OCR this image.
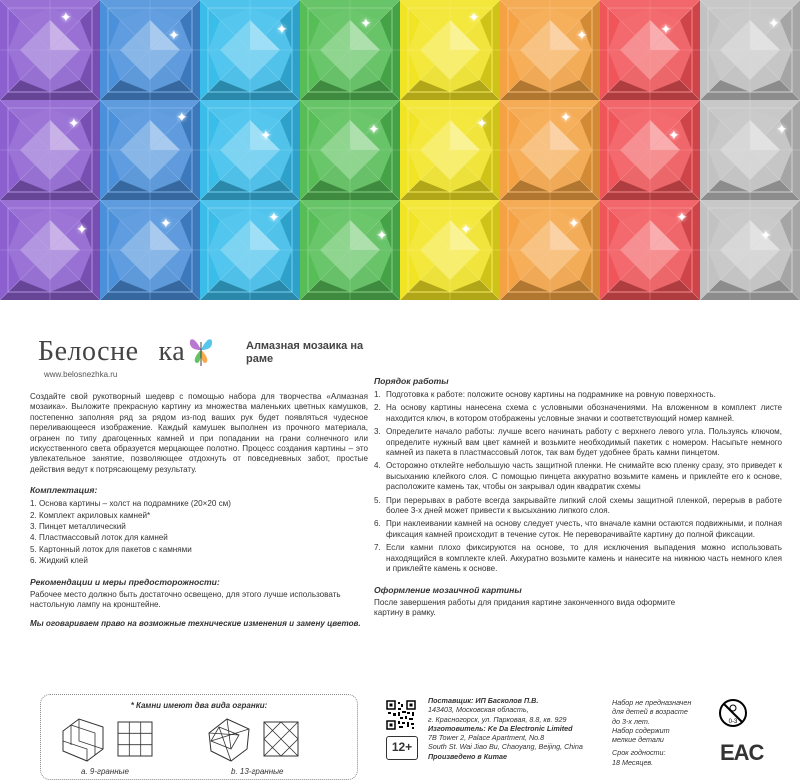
✦
✦	✦	✦	✦
✦	✦	✦
✦	✦
✦	✦	✦	✦
✦	✦
✦	✦	✦
✦	✦	✦	✦
✦
Белосне ка
www.belosnezhka.ru
Алмазная мозаика на раме

Создайте свой рукотворный шедевр с помощью набора для творчества «Алмазная мозаика». Выложите прекрасную картину из множества маленьких цветных камушков, постепенно заполняя ряд за рядом из-под ваших рук будет появляться чудесное переливающееся изображение. Каждый камушек выполнен из прочного материала, огранен по типу драгоценных камней и при попадании на грани солнечного или искусственного света образуется мерцающее полотно. Процесс создания картины – это увлекательное занятие, позволяющее отдохнуть от повседневных забот, простые действия ведут к потрясающему результату.

Комплектация:
1. Основа картины – холст на подрамнике (20×20 см)
2. Комплект акриловых камней*
3. Пинцет металлический
4. Пластмассовый лоток для камней
5. Картонный лоток для пакетов с камнями
6. Жидкий клей
Рекомендации и меры предосторожности:

Рабочее место должно быть достаточно освещено, для этого лучше использовать настольную лампу на кронштейне.

Мы оговариваем право на возможные технические изменения и замену цветов.

* Камни имеют два вида огранки:
a. 9-гранные	b. 13-гранные
Порядок работы
1. Подготовка к работе: положите основу картины на подрамнике на ровную поверхность.
2. На основу картины нанесена схема с условными обозначениями. На вложенном в комплект листе находится ключ, в котором отображены условные значки и соответствующий номер камней.
3. Определите начало работы: лучше всего начинать работу с верхнего левого угла. Пользуясь ключом, определите нужный вам цвет камней и возьмите необходимый пакетик с номером. Насыпьте немного камней из пакета в пластмассовый лоток, так вам будет удобнее брать камни пинцетом.
4. Осторожно отклейте небольшую часть защитной пленки. Не снимайте всю пленку сразу, это приведет к высыханию клейкого слоя. С помощью пинцета аккуратно возьмите камень и приклейте его к основе, расположите камень так, чтобы он закрывал один квадратик схемы
5. При перерывах в работе всегда закрывайте липкий слой схемы защитной пленкой, перерыв в работе более 3-х дней может привести к высыханию липкого слоя.
6. При наклеивании камней на основу следует учесть, что вначале камни остаются подвижными, и полная фиксация камней происходит в течение суток. Не переворачивайте картину до полной фиксации.
7. Если камни плохо фиксируются на основе, то для исключения выпадения можно использовать находящийся в комплекте клей. Аккуратно возьмите камень и нанесите на нижнюю часть немного клея и приклейте камень к основе.
Оформление мозаичной картины

После завершения работы для придания картине законченного вида оформите картину в рамку.

12+
Поставщик: ИП Басколов П.В.
143403, Московская область,
г. Красногорск, ул. Парковая, 8.8, кв. 929
Изготовитель: Ke Da Electronic Limited
7B Tower 2, Palace Apartment, No.8
South St. Wai Jiao Bu, Chaoyang, Beijing, China
Произведено в Китае
Набор не предназначен
для детей в возрасте
до 3-х лет.
Набор содержит
мелкие детали
Срок годности:
18 Месяцев.
0-3
EAC
